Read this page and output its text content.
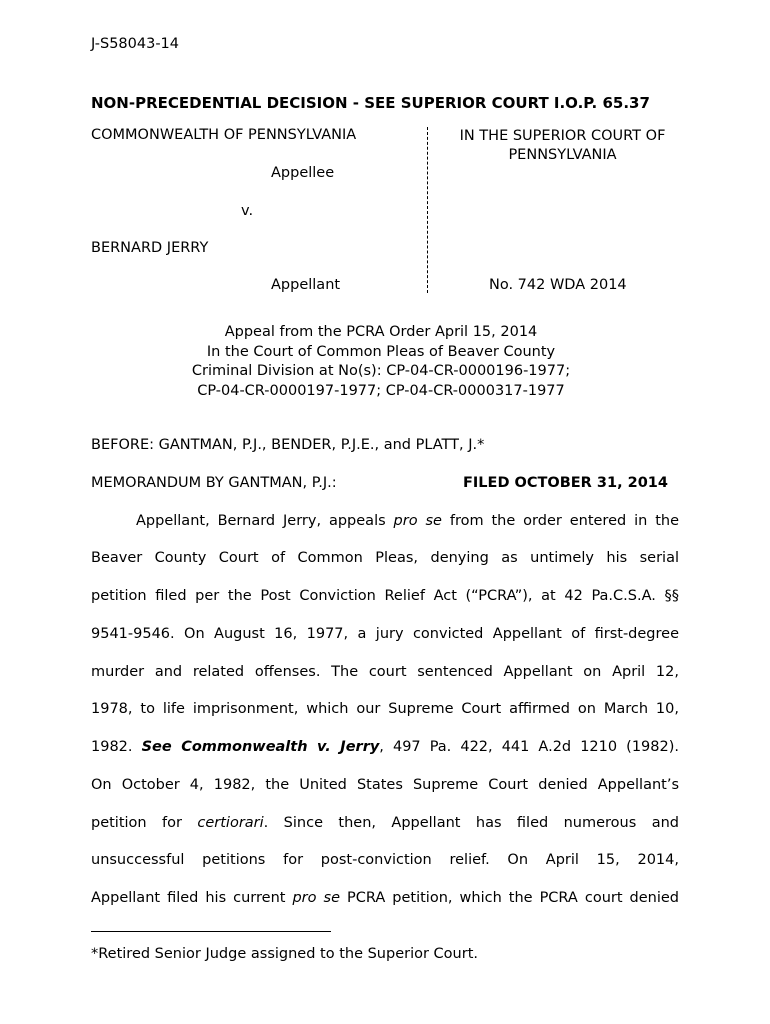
J-S58043-14
NON-PRECEDENTIAL DECISION - SEE SUPERIOR COURT I.O.P. 65.37
COMMONWEALTH OF PENNSYLVANIA
Appellee
v.
BERNARD JERRY
Appellant
IN THE SUPERIOR COURT OF PENNSYLVANIA
No. 742 WDA 2014
Appeal from the PCRA Order April 15, 2014
In the Court of Common Pleas of Beaver County
Criminal Division at No(s): CP-04-CR-0000196-1977;
CP-04-CR-0000197-1977; CP-04-CR-0000317-1977
BEFORE: GANTMAN, P.J., BENDER, P.J.E., and PLATT, J.*
MEMORANDUM BY GANTMAN, P.J.:	FILED OCTOBER 31, 2014
Appellant, Bernard Jerry, appeals pro se from the order entered in the
Beaver County Court of Common Pleas, denying as untimely his serial
petition filed per the Post Conviction Relief Act (“PCRA”), at 42 Pa.C.S.A. §§
9541-9546. On August 16, 1977, a jury convicted Appellant of first-degree
murder and related offenses. The court sentenced Appellant on April 12,
1978, to life imprisonment, which our Supreme Court affirmed on March 10,
1982. See Commonwealth v. Jerry, 497 Pa. 422, 441 A.2d 1210 (1982).
On October 4, 1982, the United States Supreme Court denied Appellant’s
petition for certiorari. Since then, Appellant has filed numerous and
unsuccessful petitions for post-conviction relief. On April 15, 2014,
Appellant filed his current pro se PCRA petition, which the PCRA court denied
*Retired Senior Judge assigned to the Superior Court.
